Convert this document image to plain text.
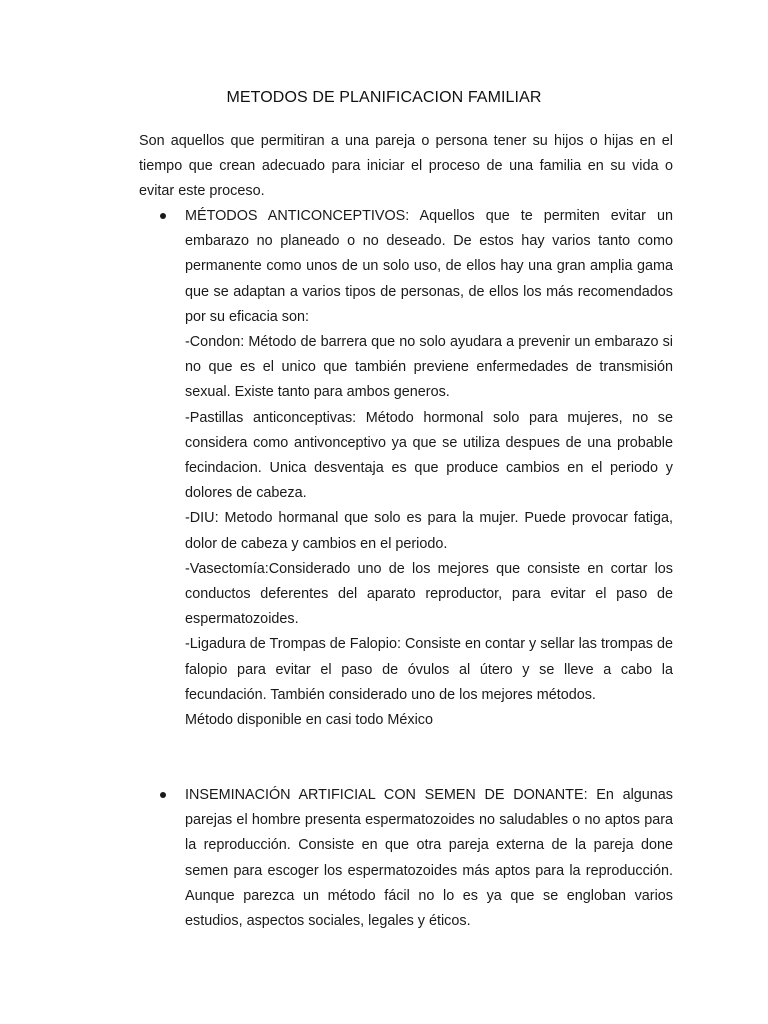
METODOS DE PLANIFICACION FAMILIAR

Son aquellos que permitiran a una pareja o persona tener su hijos o hijas en el tiempo que crean adecuado para iniciar el proceso de una familia en su vida o evitar este proceso.

MÉTODOS ANTICONCEPTIVOS: Aquellos que te permiten evitar un embarazo no planeado o no deseado. De estos hay varios tanto como permanente como unos de un solo uso, de ellos hay una gran amplia gama que se adaptan a varios tipos de personas, de ellos los más recomendados por su eficacia son:

-Condon: Método de barrera que no solo ayudara a prevenir un embarazo si no que es el unico que también previene enfermedades de transmisión sexual. Existe tanto para ambos generos.

-Pastillas anticonceptivas: Método hormonal solo para mujeres, no se considera como antivonceptivo ya que se utiliza despues de una probable fecindacion. Unica desventaja es que produce cambios en el periodo y dolores de cabeza.

-DIU: Metodo hormanal que solo es para la mujer. Puede provocar fatiga, dolor de cabeza y cambios en el periodo.

-Vasectomía:Considerado uno de los mejores que consiste en cortar los conductos deferentes del aparato reproductor, para evitar el paso de espermatozoides.

-Ligadura de Trompas de Falopio: Consiste en contar y sellar las trompas de falopio para evitar el paso de óvulos al útero y se lleve a cabo la fecundación. También considerado uno de los mejores métodos.

Método disponible en casi todo México

INSEMINACIÓN ARTIFICIAL CON SEMEN DE DONANTE: En algunas parejas el hombre presenta espermatozoides no saludables o no aptos para la reproducción. Consiste en que otra pareja externa de la pareja done semen para escoger los espermatozoides más aptos para la reproducción. Aunque parezca un método fácil no lo es ya que se engloban varios estudios, aspectos sociales, legales y éticos.
